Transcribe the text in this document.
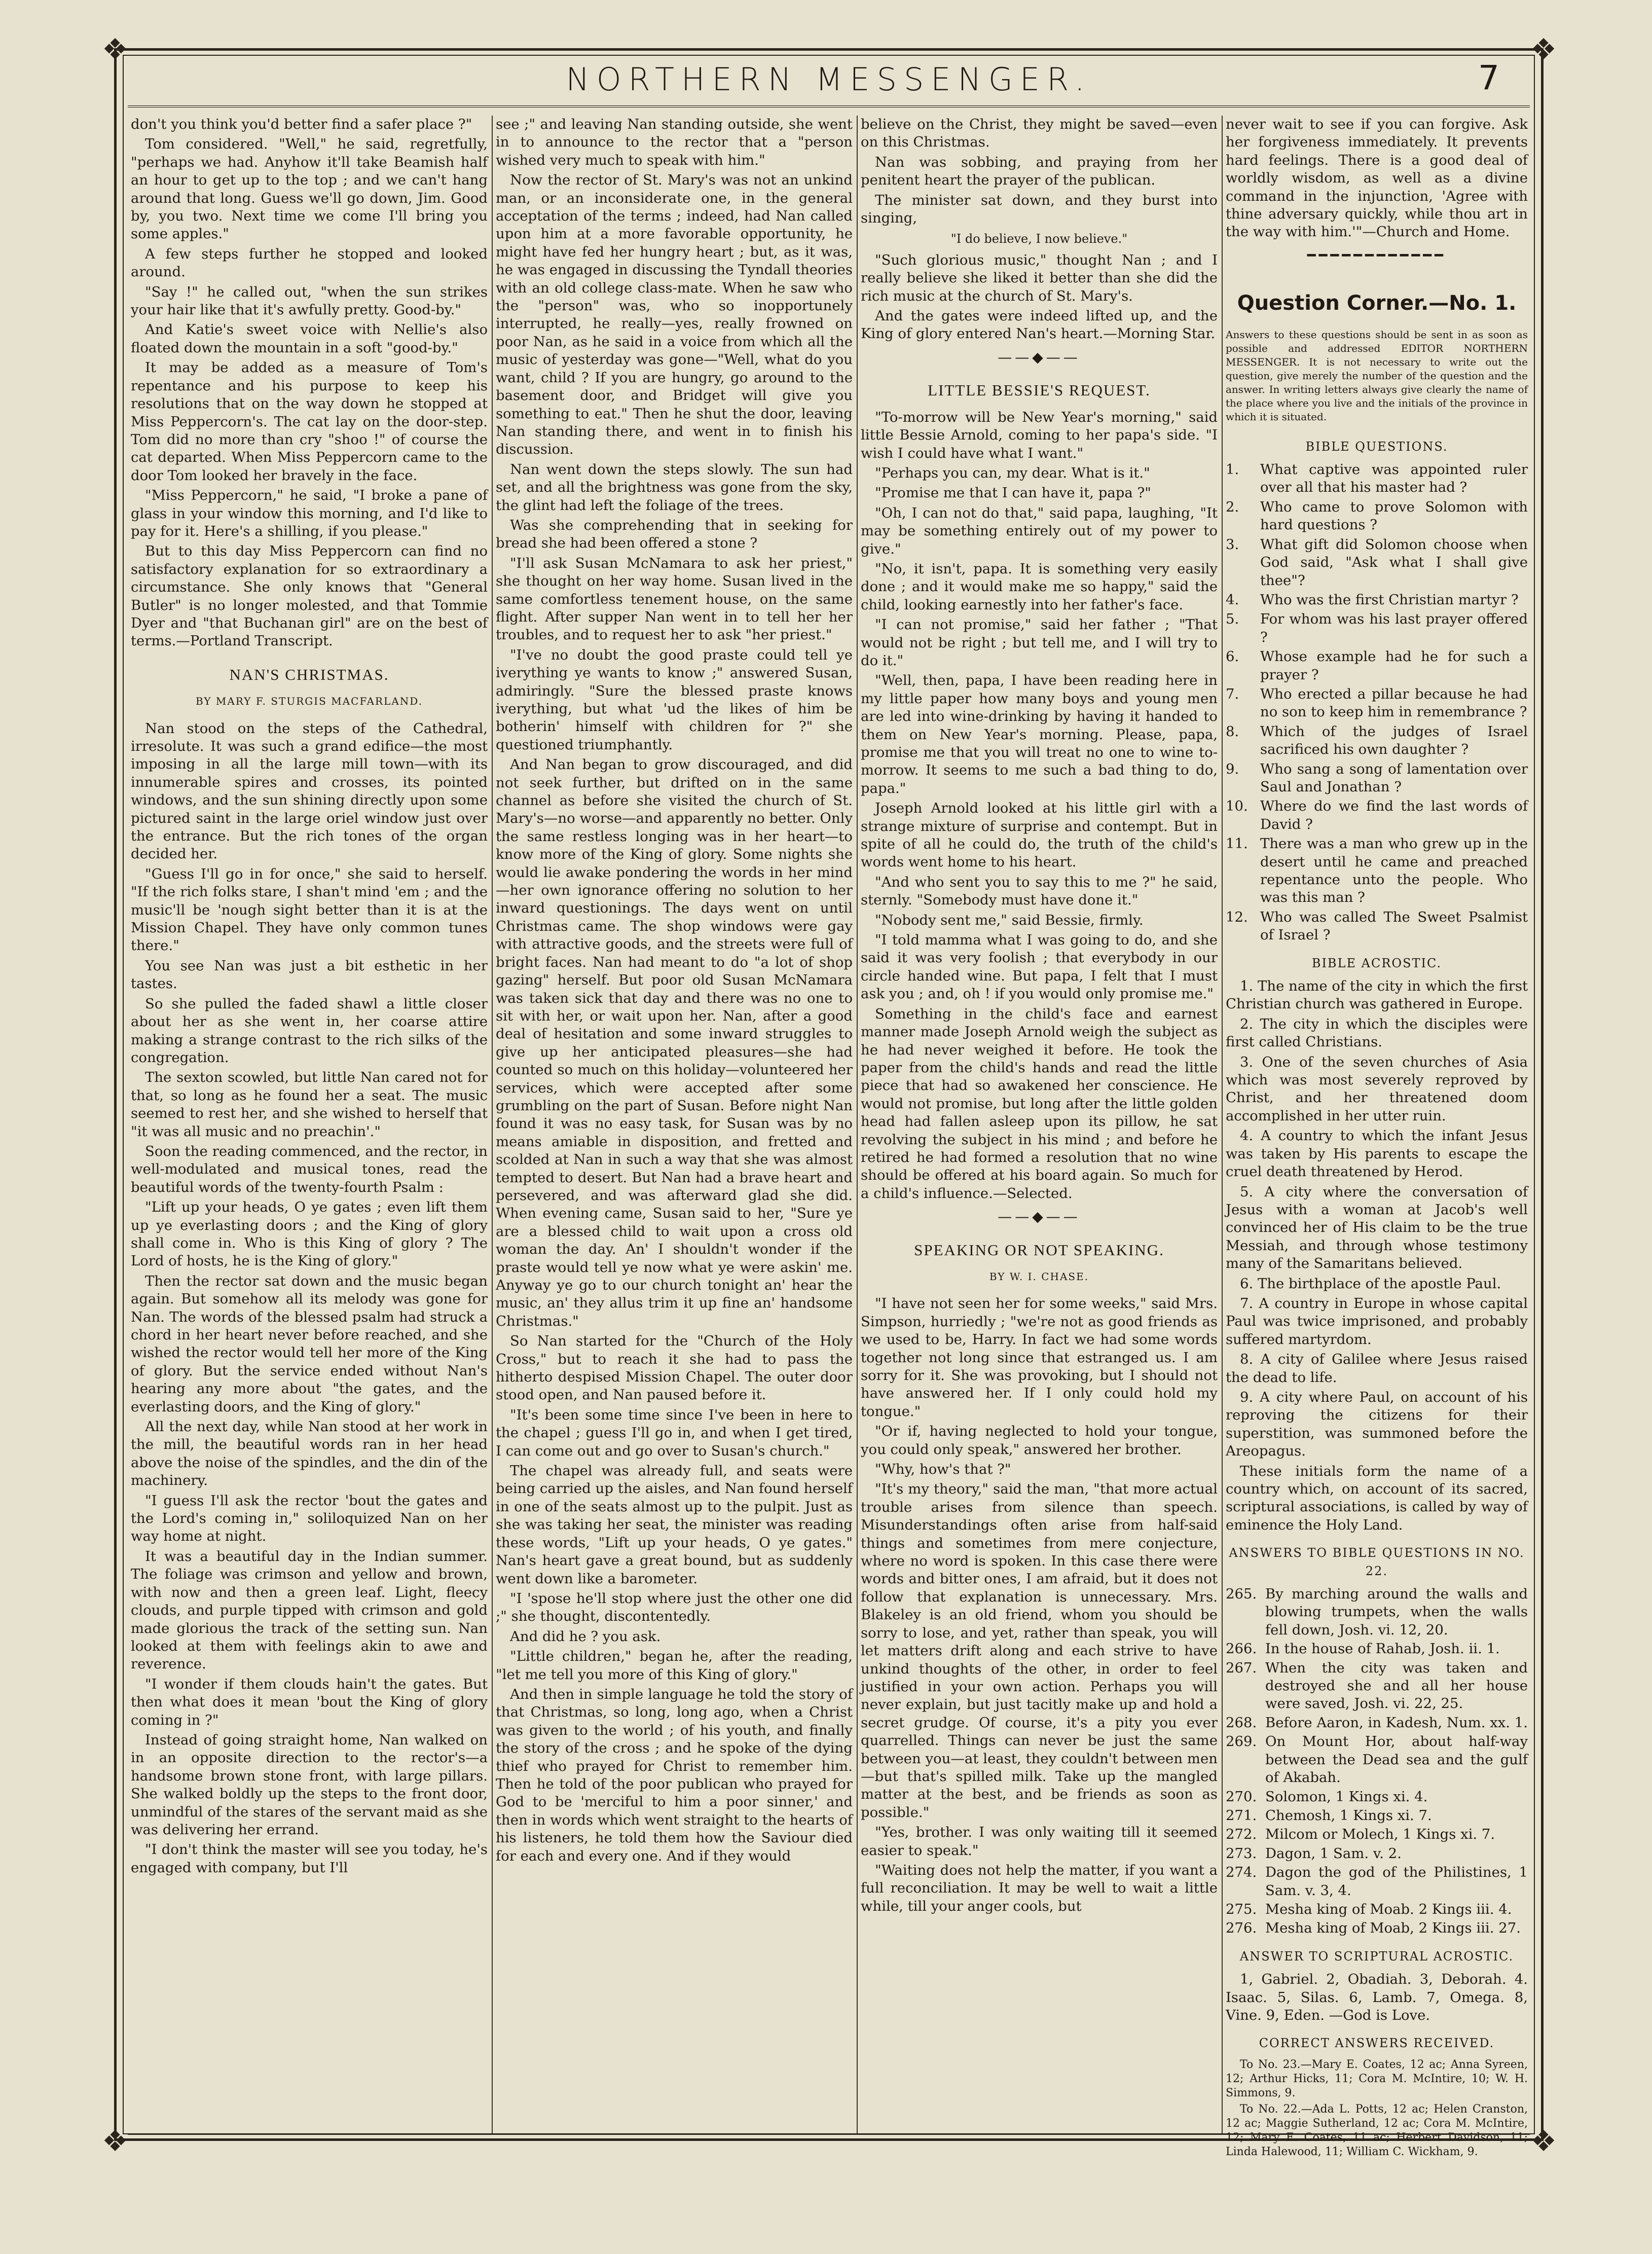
❖	❖
❖	❖
NORTHERN MESSENGER.	7

don't you think you'd better find a safer place ?"

Tom considered. "Well," he said, regretfully, "perhaps we had. Anyhow it'll take Beamish half an hour to get up to the top ; and we can't hang around that long. Guess we'll go down, Jim. Good by, you two. Next time we come I'll bring you some apples."

A few steps further he stopped and looked around.

"Say !" he called out, "when the sun strikes your hair like that it's awfully pretty. Good-by."

And Katie's sweet voice with Nellie's also floated down the mountain in a soft "good-by."

It may be added as a measure of Tom's repentance and his purpose to keep his resolutions that on the way down he stopped at Miss Peppercorn's. The cat lay on the door-step. Tom did no more than cry "shoo !" of course the cat departed. When Miss Peppercorn came to the door Tom looked her bravely in the face.

"Miss Peppercorn," he said, "I broke a pane of glass in your window this morning, and I'd like to pay for it. Here's a shilling, if you please."

But to this day Miss Peppercorn can find no satisfactory explanation for so extraordinary a circumstance. She only knows that "General Butler" is no longer molested, and that Tommie Dyer and "that Buchanan girl" are on the best of terms.—Portland Transcript.

NAN'S CHRISTMAS.
BY MARY F. STURGIS MACFARLAND.

Nan stood on the steps of the Cathedral, irresolute. It was such a grand edifice—the most imposing in all the large mill town—with its innumerable spires and crosses, its pointed windows, and the sun shining directly upon some pictured saint in the large oriel window just over the entrance. But the rich tones of the organ decided her.

"Guess I'll go in for once," she said to herself. "If the rich folks stare, I shan't mind 'em ; and the music'll be 'nough sight better than it is at the Mission Chapel. They have only common tunes there."

You see Nan was just a bit esthetic in her tastes.

So she pulled the faded shawl a little closer about her as she went in, her coarse attire making a strange contrast to the rich silks of the congregation.

The sexton scowled, but little Nan cared not for that, so long as he found her a seat. The music seemed to rest her, and she wished to herself that "it was all music and no preachin'."

Soon the reading commenced, and the rector, in well-modulated and musical tones, read the beautiful words of the twenty-fourth Psalm :

"Lift up your heads, O ye gates ; even lift them up ye everlasting doors ; and the King of glory shall come in. Who is this King of glory ? The Lord of hosts, he is the King of glory."

Then the rector sat down and the music began again. But somehow all its melody was gone for Nan. The words of the blessed psalm had struck a chord in her heart never before reached, and she wished the rector would tell her more of the King of glory. But the service ended without Nan's hearing any more about "the gates, and the everlasting doors, and the King of glory."

All the next day, while Nan stood at her work in the mill, the beautiful words ran in her head above the noise of the spindles, and the din of the machinery.

"I guess I'll ask the rector 'bout the gates and the Lord's coming in," soliloquized Nan on her way home at night.

It was a beautiful day in the Indian summer. The foliage was crimson and yellow and brown, with now and then a green leaf. Light, fleecy clouds, and purple tipped with crimson and gold made glorious the track of the setting sun. Nan looked at them with feelings akin to awe and reverence.

"I wonder if them clouds hain't the gates. But then what does it mean 'bout the King of glory coming in ?"

Instead of going straight home, Nan walked on in an opposite direction to the rector's—a handsome brown stone front, with large pillars. She walked boldly up the steps to the front door, unmindful of the stares of the servant maid as she was delivering her errand.

"I don't think the master will see you today, he's engaged with company, but I'll

see ;" and leaving Nan standing outside, she went in to announce to the rector that a "person wished very much to speak with him."

Now the rector of St. Mary's was not an unkind man, or an inconsiderate one, in the general acceptation of the terms ; indeed, had Nan called upon him at a more favorable opportunity, he might have fed her hungry heart ; but, as it was, he was engaged in discussing the Tyndall theories with an old college class-mate. When he saw who the "person" was, who so inopportunely interrupted, he really—yes, really frowned on poor Nan, as he said in a voice from which all the music of yesterday was gone—"Well, what do you want, child ? If you are hungry, go around to the basement door, and Bridget will give you something to eat." Then he shut the door, leaving Nan standing there, and went in to finish his discussion.

Nan went down the steps slowly. The sun had set, and all the brightness was gone from the sky, the glint had left the foliage of the trees.

Was she comprehending that in seeking for bread she had been offered a stone ?

"I'll ask Susan McNamara to ask her priest," she thought on her way home. Susan lived in the same comfortless tenement house, on the same flight. After supper Nan went in to tell her her troubles, and to request her to ask "her priest."

"I've no doubt the good praste could tell ye iverything ye wants to know ;" answered Susan, admiringly. "Sure the blessed praste knows iverything, but what 'ud the likes of him be botherin' himself with children for ?" she questioned triumphantly.

And Nan began to grow discouraged, and did not seek further, but drifted on in the same channel as before she visited the church of St. Mary's—no worse—and apparently no better. Only the same restless longing was in her heart—to know more of the King of glory. Some nights she would lie awake pondering the words in her mind—her own ignorance offering no solution to her inward questionings. The days went on until Christmas came. The shop windows were gay with attractive goods, and the streets were full of bright faces. Nan had meant to do "a lot of shop gazing" herself. But poor old Susan McNamara was taken sick that day and there was no one to sit with her, or wait upon her. Nan, after a good deal of hesitation and some inward struggles to give up her anticipated pleasures—she had counted so much on this holiday—volunteered her services, which were accepted after some grumbling on the part of Susan. Before night Nan found it was no easy task, for Susan was by no means amiable in disposition, and fretted and scolded at Nan in such a way that she was almost tempted to desert. But Nan had a brave heart and persevered, and was afterward glad she did. When evening came, Susan said to her, "Sure ye are a blessed child to wait upon a cross old woman the day. An' I shouldn't wonder if the praste would tell ye now what ye were askin' me. Anyway ye go to our church tonight an' hear the music, an' they allus trim it up fine an' handsome Christmas."

So Nan started for the "Church of the Holy Cross," but to reach it she had to pass the hitherto despised Mission Chapel. The outer door stood open, and Nan paused before it.

"It's been some time since I've been in here to the chapel ; guess I'll go in, and when I get tired, I can come out and go over to Susan's church."

The chapel was already full, and seats were being carried up the aisles, and Nan found herself in one of the seats almost up to the pulpit. Just as she was taking her seat, the minister was reading these words, "Lift up your heads, O ye gates." Nan's heart gave a great bound, but as suddenly went down like a barometer.

"I 'spose he'll stop where just the other one did ;" she thought, discontentedly.

And did he ? you ask.

"Little children," began he, after the reading, "let me tell you more of this King of glory."

And then in simple language he told the story of that Christmas, so long, long ago, when a Christ was given to the world ; of his youth, and finally the story of the cross ; and he spoke of the dying thief who prayed for Christ to remember him. Then he told of the poor publican who prayed for God to be 'merciful to him a poor sinner,' and then in words which went straight to the hearts of his listeners, he told them how the Saviour died for each and every one. And if they would

believe on the Christ, they might be saved—even on this Christmas.

Nan was sobbing, and praying from her penitent heart the prayer of the publican.

The minister sat down, and they burst into singing,

"I do believe, I now believe."

"Such glorious music," thought Nan ; and I really believe she liked it better than she did the rich music at the church of St. Mary's.

And the gates were indeed lifted up, and the King of glory entered Nan's heart.—Morning Star.

——◆——
LITTLE BESSIE'S REQUEST.

"To-morrow will be New Year's morning," said little Bessie Arnold, coming to her papa's side. "I wish I could have what I want."

"Perhaps you can, my dear. What is it."

"Promise me that I can have it, papa ?"

"Oh, I can not do that," said papa, laughing, "It may be something entirely out of my power to give."

"No, it isn't, papa. It is something very easily done ; and it would make me so happy," said the child, looking earnestly into her father's face.

"I can not promise," said her father ; "That would not be right ; but tell me, and I will try to do it."

"Well, then, papa, I have been reading here in my little paper how many boys and young men are led into wine-drinking by having it handed to them on New Year's morning. Please, papa, promise me that you will treat no one to wine to-morrow. It seems to me such a bad thing to do, papa."

Joseph Arnold looked at his little girl with a strange mixture of surprise and contempt. But in spite of all he could do, the truth of the child's words went home to his heart.

"And who sent you to say this to me ?" he said, sternly. "Somebody must have done it."

"Nobody sent me," said Bessie, firmly.

"I told mamma what I was going to do, and she said it was very foolish ; that everybody in our circle handed wine. But papa, I felt that I must ask you ; and, oh ! if you would only promise me."

Something in the child's face and earnest manner made Joseph Arnold weigh the subject as he had never weighed it before. He took the paper from the child's hands and read the little piece that had so awakened her conscience. He would not promise, but long after the little golden head had fallen asleep upon its pillow, he sat revolving the subject in his mind ; and before he retired he had formed a resolution that no wine should be offered at his board again. So much for a child's influence.—Selected.

——◆——
SPEAKING OR NOT SPEAKING.
BY W. I. CHASE.

"I have not seen her for some weeks," said Mrs. Simpson, hurriedly ; "we're not as good friends as we used to be, Harry. In fact we had some words together not long since that estranged us. I am sorry for it. She was provoking, but I should not have answered her. If I only could hold my tongue."

"Or if, having neglected to hold your tongue, you could only speak," answered her brother.

"Why, how's that ?"

"It's my theory," said the man, "that more actual trouble arises from silence than speech. Misunderstandings often arise from half-said things and sometimes from mere conjecture, where no word is spoken. In this case there were words and bitter ones, I am afraid, but it does not follow that explanation is unnecessary. Mrs. Blakeley is an old friend, whom you should be sorry to lose, and yet, rather than speak, you will let matters drift along and each strive to have unkind thoughts of the other, in order to feel justified in your own action. Perhaps you will never explain, but just tacitly make up and hold a secret grudge. Of course, it's a pity you ever quarrelled. Things can never be just the same between you—at least, they couldn't between men—but that's spilled milk. Take up the mangled matter at the best, and be friends as soon as possible."

"Yes, brother. I was only waiting till it seemed easier to speak."

"Waiting does not help the matter, if you want a full reconciliation. It may be well to wait a little while, till your anger cools, but

never wait to see if you can forgive. Ask her forgiveness immediately. It prevents hard feelings. There is a good deal of worldly wisdom, as well as a divine command in the injunction, 'Agree with thine adversary quickly, while thou art in the way with him.'"—Church and Home.

━━━━━━━━━━━━
Question Corner.—No. 1.
Answers to these questions should be sent in as soon as possible and addressed EDITOR NORTHERN MESSENGER. It is not necessary to write out the question, give merely the number of the question and the answer. In writing letters always give clearly the name of the place where you live and the initials of the province in which it is situated.
BIBLE QUESTIONS.
1.	What captive was appointed ruler over all that his master had ?
2.	Who came to prove Solomon with hard questions ?
3.	What gift did Solomon choose when God said, "Ask what I shall give thee"?
4.	Who was the first Christian martyr ?
5.	For whom was his last prayer offered ?
6.	Whose example had he for such a prayer ?
7.	Who erected a pillar because he had no son to keep him in remembrance ?
8.	Which of the judges of Israel sacrificed his own daughter ?
9.	Who sang a song of lamentation over Saul and Jonathan ?
10. Where do we find the last words of David ?
11. There was a man who grew up in the desert until he came and preached repentance unto the people. Who was this man ?
12. Who was called The Sweet Psalmist of Israel ?
BIBLE ACROSTIC.

1. The name of the city in which the first Christian church was gathered in Europe.

2. The city in which the disciples were first called Christians.

3. One of the seven churches of Asia which was most severely reproved by Christ, and her threatened doom accomplished in her utter ruin.

4. A country to which the infant Jesus was taken by His parents to escape the cruel death threatened by Herod.

5. A city where the conversation of Jesus with a woman at Jacob's well convinced her of His claim to be the true Messiah, and through whose testimony many of the Samaritans believed.

6. The birthplace of the apostle Paul.

7. A country in Europe in whose capital Paul was twice imprisoned, and probably suffered martyrdom.

8. A city of Galilee where Jesus raised the dead to life.

9. A city where Paul, on account of his reproving the citizens for their superstition, was summoned before the Areopagus.

These initials form the name of a country which, on account of its sacred, scriptural associations, is called by way of eminence the Holy Land.

ANSWERS TO BIBLE QUESTIONS IN NO. 22.
265. By marching around the walls and blowing trumpets, when the walls fell down, Josh. vi. 12, 20.
266. In the house of Rahab, Josh. ii. 1.
267. When the city was taken and destroyed she and all her house were saved, Josh. vi. 22, 25.
268. Before Aaron, in Kadesh, Num. xx. 1.
269. On Mount Hor, about half-way between the Dead sea and the gulf of Akabah.
270. Solomon, 1 Kings xi. 4.
271. Chemosh, 1 Kings xi. 7.
272. Milcom or Molech, 1 Kings xi. 7.
273. Dagon, 1 Sam. v. 2.
274. Dagon the god of the Philistines, 1 Sam. v. 3, 4.
275. Mesha king of Moab. 2 Kings iii. 4.
276. Mesha king of Moab, 2 Kings iii. 27.
ANSWER TO SCRIPTURAL ACROSTIC.

1, Gabriel. 2, Obadiah. 3, Deborah. 4. Isaac. 5, Silas. 6, Lamb. 7, Omega. 8, Vine. 9, Eden. —God is Love.

CORRECT ANSWERS RECEIVED.

To No. 23.—Mary E. Coates, 12 ac; Anna Syreen, 12; Arthur Hicks, 11; Cora M. McIntire, 10; W. H. Simmons, 9.

To No. 22.—Ada L. Potts, 12 ac; Helen Cranston, 12 ac; Maggie Sutherland, 12 ac; Cora M. McIntire, 12; Mary E. Coates, 11 ac; Herbert Davidson, 11; Linda Halewood, 11; William C. Wickham, 9.
